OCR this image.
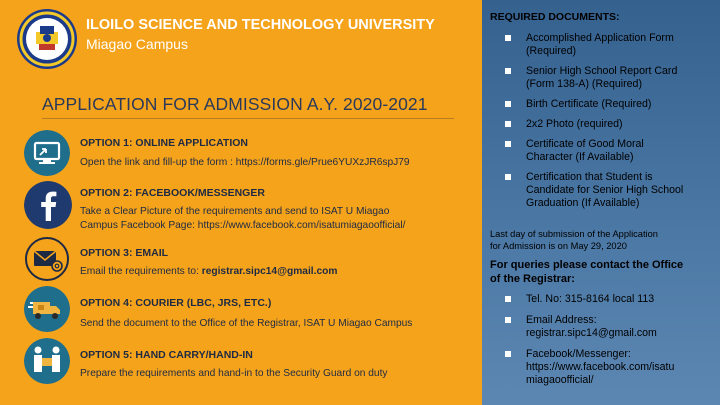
ILOILO SCIENCE AND TECHNOLOGY UNIVERSITY
Miagao Campus
APPLICATION FOR ADMISSION A.Y. 2020-2021
OPTION 1: ONLINE APPLICATION
Open the link and fill-up the form : https://forms.gle/Prue6YUXzJR6spJ79
OPTION 2: FACEBOOK/MESSENGER
Take a Clear Picture of the requirements and send to ISAT U Miagao
Campus Facebook Page: https://www.facebook.com/isatumiagaoofficial/
OPTION 3: EMAIL
Email the requirements to: registrar.sipc14@gmail.com
OPTION 4: COURIER (LBC, JRS, ETC.)
Send the document to the Office of the Registrar, ISAT U Miagao Campus
OPTION 5: HAND CARRY/HAND-IN
Prepare the requirements and hand-in to the Security Guard on duty
REQUIRED DOCUMENTS:
Accomplished Application Form
(Required)
Senior High School Report Card
(Form 138-A) (Required)
Birth Certificate (Required)
2x2 Photo (required)
Certificate of Good Moral
Character (If Available)
Certification that Student is
Candidate for Senior High School
Graduation (If Available)
Last day of submission of the Application
for Admission is on May 29, 2020
For queries please contact the Office
of the Registrar:
Tel. No: 315-8164 local 113
Email Address:
registrar.sipc14@gmail.com
Facebook/Messenger:
https://www.facebook.com/isatu
miagaoofficial/
